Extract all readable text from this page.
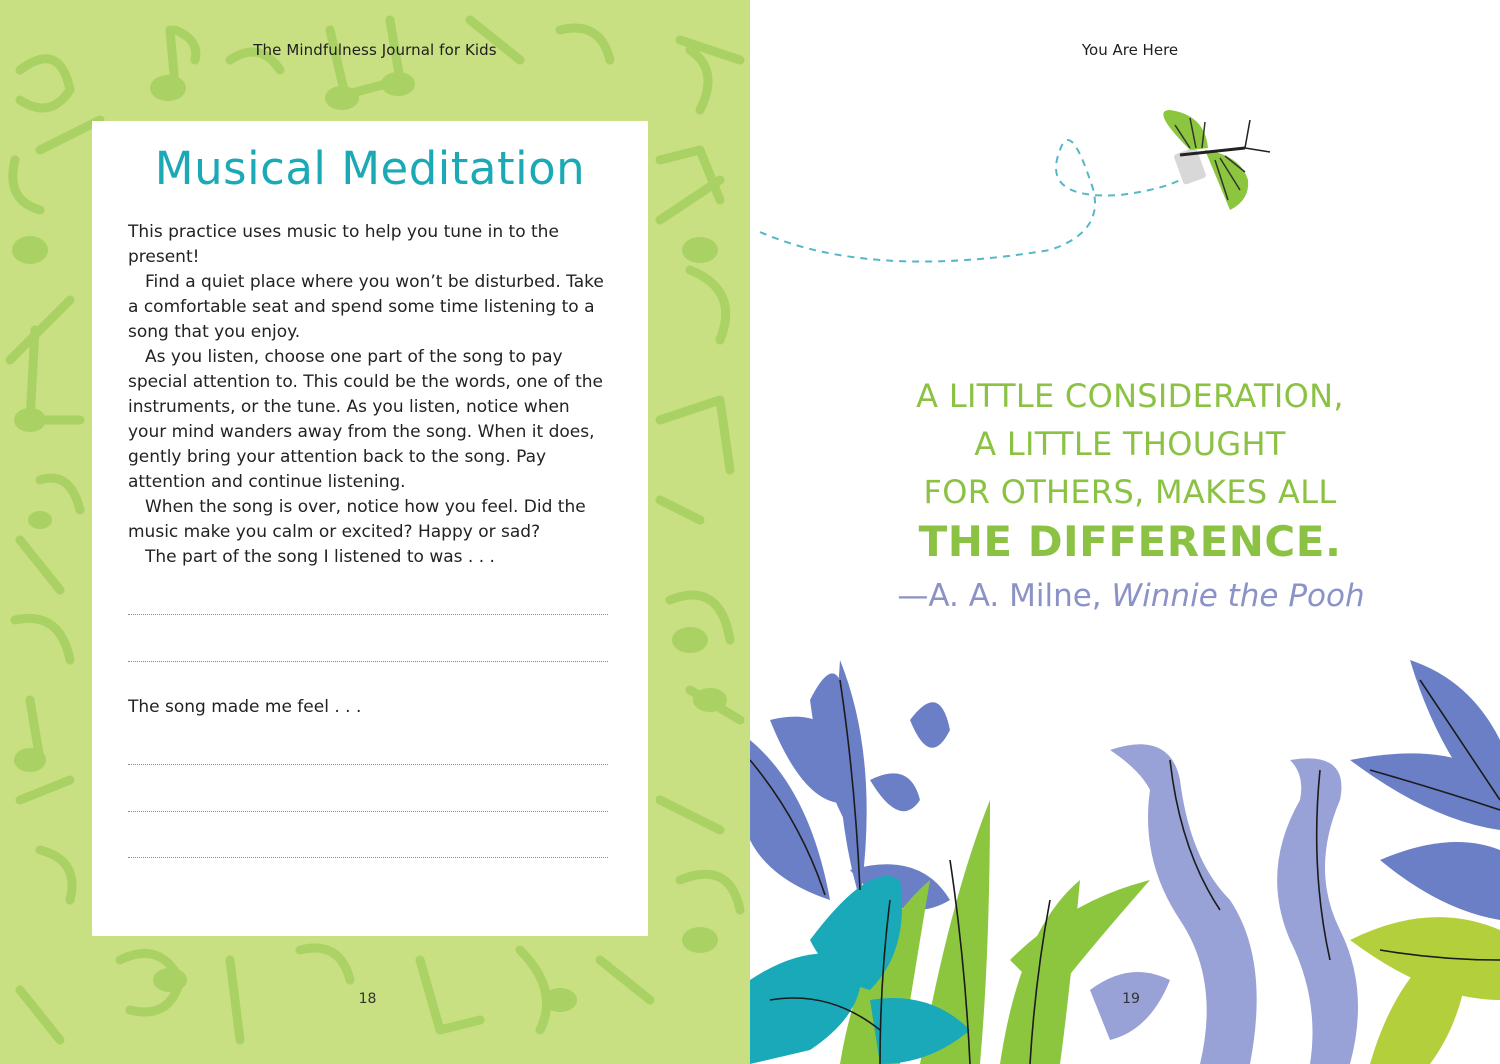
The Mindfulness Journal for Kids
Musical Meditation

This practice uses music to help you tune in to the present!

Find a quiet place where you won’t be disturbed. Take a comfortable seat and spend some time listening to a song that you enjoy.

As you listen, choose one part of the song to pay special attention to. This could be the words, one of the instruments, or the tune. As you listen, notice when your mind wanders away from the song. When it does, gently bring your attention back to the song. Pay attention and continue listening.

When the song is over, notice how you feel. Did the music make you calm or excited? Happy or sad?

The part of the song I listened to was . . .

The song made me feel . . .
18
You Are Here
A LITTLE CONSIDERATION,
A LITTLE THOUGHT
FOR OTHERS, MAKES ALL
THE DIFFERENCE.
—A. A. Milne, Winnie the Pooh
19
